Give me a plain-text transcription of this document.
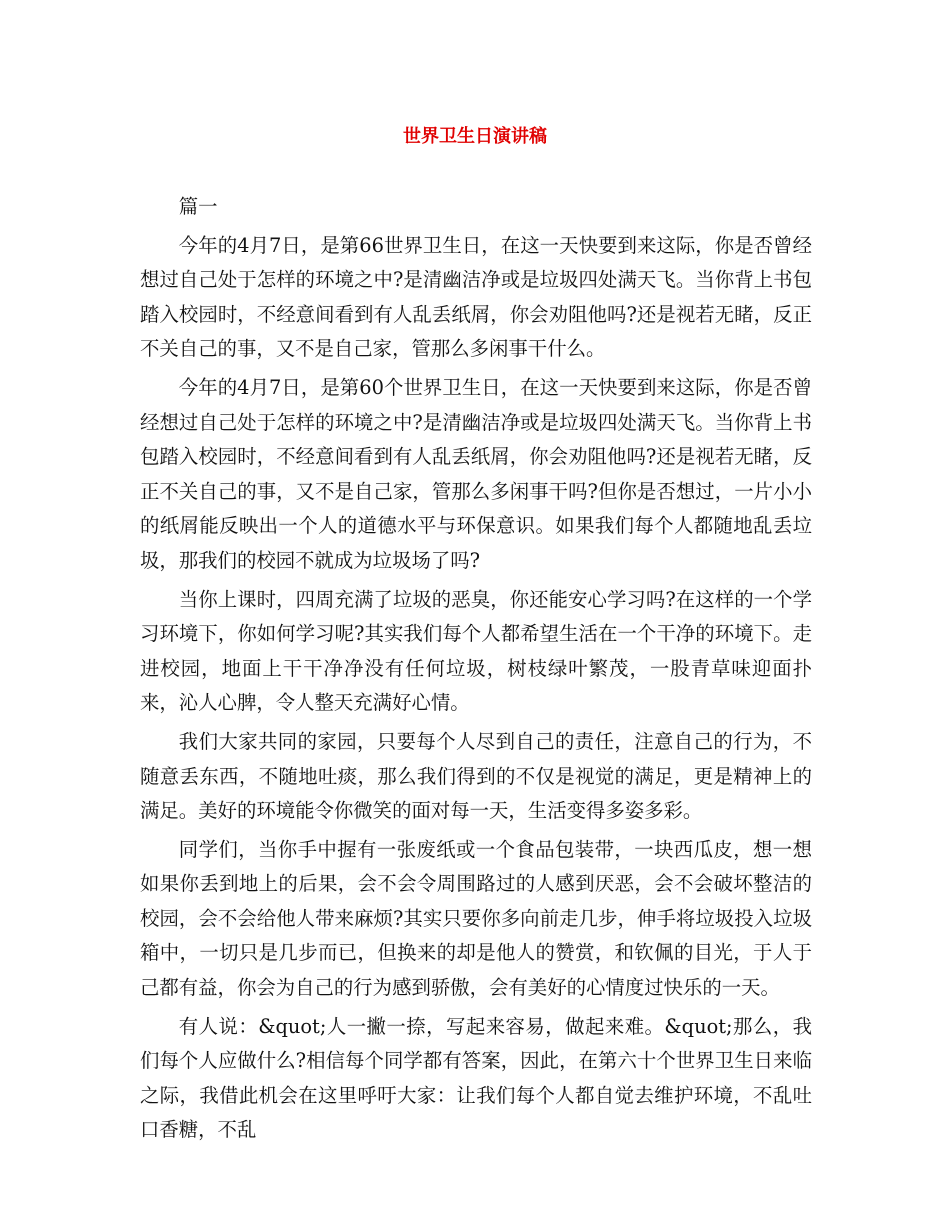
世界卫生日演讲稿

篇一

今年的4月7日，是第66世界卫生日，在这一天快要到来这际，你是否曾经想过自己处于怎样的环境之中?是清幽洁净或是垃圾四处满天飞。当你背上书包踏入校园时，不经意间看到有人乱丢纸屑，你会劝阻他吗?还是视若无睹，反正不关自己的事，又不是自己家，管那么多闲事干什么。

今年的4月7日，是第60个世界卫生日，在这一天快要到来这际，你是否曾经想过自己处于怎样的环境之中?是清幽洁净或是垃圾四处满天飞。当你背上书包踏入校园时，不经意间看到有人乱丢纸屑，你会劝阻他吗?还是视若无睹，反正不关自己的事，又不是自己家，管那么多闲事干吗?但你是否想过，一片小小的纸屑能反映出一个人的道德水平与环保意识。如果我们每个人都随地乱丢垃圾，那我们的校园不就成为垃圾场了吗?

当你上课时，四周充满了垃圾的恶臭，你还能安心学习吗?在这样的一个学习环境下，你如何学习呢?其实我们每个人都希望生活在一个干净的环境下。走进校园，地面上干干净净没有任何垃圾，树枝绿叶繁茂，一股青草味迎面扑来，沁人心脾，令人整天充满好心情。

我们大家共同的家园，只要每个人尽到自己的责任，注意自己的行为，不随意丢东西，不随地吐痰，那么我们得到的不仅是视觉的满足，更是精神上的满足。美好的环境能令你微笑的面对每一天，生活变得多姿多彩。

同学们，当你手中握有一张废纸或一个食品包装带，一块西瓜皮，想一想如果你丢到地上的后果，会不会令周围路过的人感到厌恶，会不会破坏整洁的校园，会不会给他人带来麻烦?其实只要你多向前走几步，伸手将垃圾投入垃圾箱中，一切只是几步而已，但换来的却是他人的赞赏，和钦佩的目光，于人于己都有益，你会为自己的行为感到骄傲，会有美好的心情度过快乐的一天。

有人说：&quot;人一撇一捺，写起来容易，做起来难。&quot;那么，我们每个人应做什么?相信每个同学都有答案，因此，在第六十个世界卫生日来临之际，我借此机会在这里呼吁大家：让我们每个人都自觉去维护环境，不乱吐口香糖，不乱
